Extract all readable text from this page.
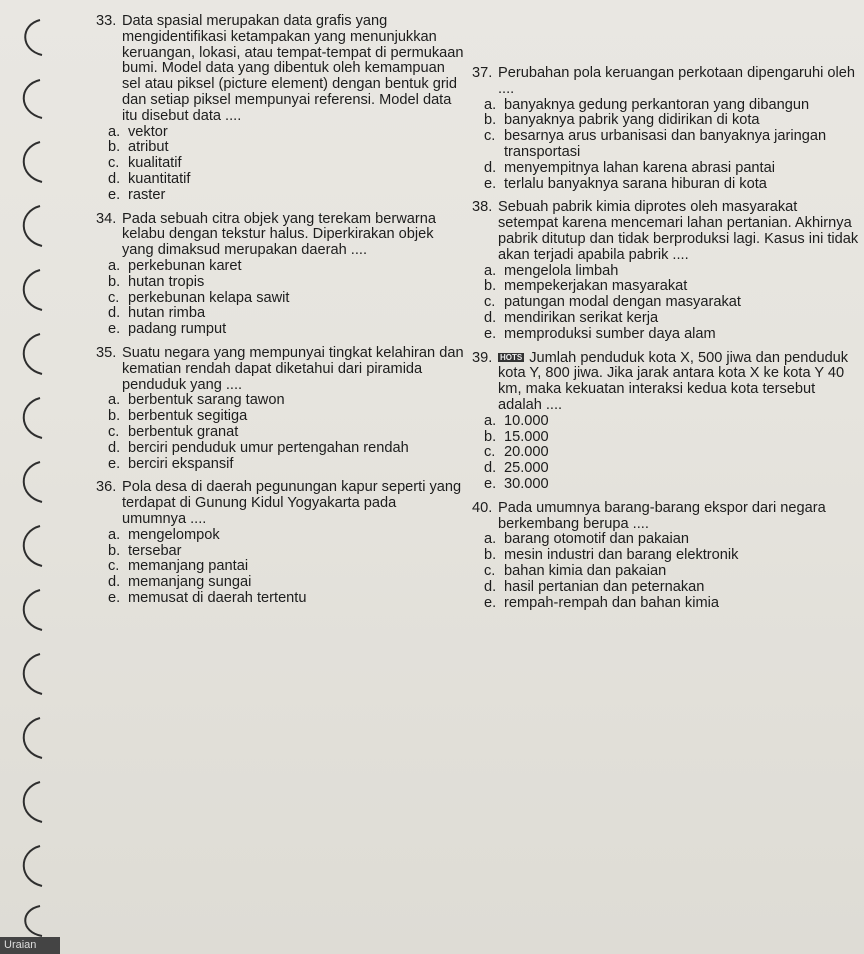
33. Data spasial merupakan data grafis yang mengidentifikasi ketampakan yang menunjukkan keruangan, lokasi, atau tempat-tempat di permukaan bumi. Model data yang dibentuk oleh kemampuan sel atau piksel (picture element) dengan bentuk grid dan setiap piksel mempunyai referensi. Model data itu disebut data ....
a. vektor
b. atribut
c. kualitatif
d. kuantitatif
e. raster
34. Pada sebuah citra objek yang terekam berwarna kelabu dengan tekstur halus. Diperkirakan objek yang dimaksud merupakan daerah ....
a. perkebunan karet
b. hutan tropis
c. perkebunan kelapa sawit
d. hutan rimba
e. padang rumput
35. Suatu negara yang mempunyai tingkat kelahiran dan kematian rendah dapat diketahui dari piramida penduduk yang ....
a. berbentuk sarang tawon
b. berbentuk segitiga
c. berbentuk granat
d. berciri penduduk umur pertengahan rendah
e. berciri ekspansif
36. Pola desa di daerah pegunungan kapur seperti yang terdapat di Gunung Kidul Yogyakarta pada umumnya ....
a. mengelompok
b. tersebar
c. memanjang pantai
d. memanjang sungai
e. memusat di daerah tertentu
37. Perubahan pola keruangan perkotaan dipengaruhi oleh ....
a. banyaknya gedung perkantoran yang dibangun
b. banyaknya pabrik yang didirikan di kota
c. besarnya arus urbanisasi dan banyaknya jaringan transportasi
d. menyempitnya lahan karena abrasi pantai
e. terlalu banyaknya sarana hiburan di kota
38. Sebuah pabrik kimia diprotes oleh masyarakat setempat karena mencemari lahan pertanian. Akhirnya pabrik ditutup dan tidak berproduksi lagi. Kasus ini tidak akan terjadi apabila pabrik ....
a. mengelola limbah
b. mempekerjakan masyarakat
c. patungan modal dengan masyarakat
d. mendirikan serikat kerja
e. memproduksi sumber daya alam
39. HOTS Jumlah penduduk kota X, 500 jiwa dan penduduk kota Y, 800 jiwa. Jika jarak antara kota X ke kota Y 40 km, maka kekuatan interaksi kedua kota tersebut adalah ....
a. 10.000
b. 15.000
c. 20.000
d. 25.000
e. 30.000
40. Pada umumnya barang-barang ekspor dari negara berkembang berupa ....
a. barang otomotif dan pakaian
b. mesin industri dan barang elektronik
c. bahan kimia dan pakaian
d. hasil pertanian dan peternakan
e. rempah-rempah dan bahan kimia
Uraian
